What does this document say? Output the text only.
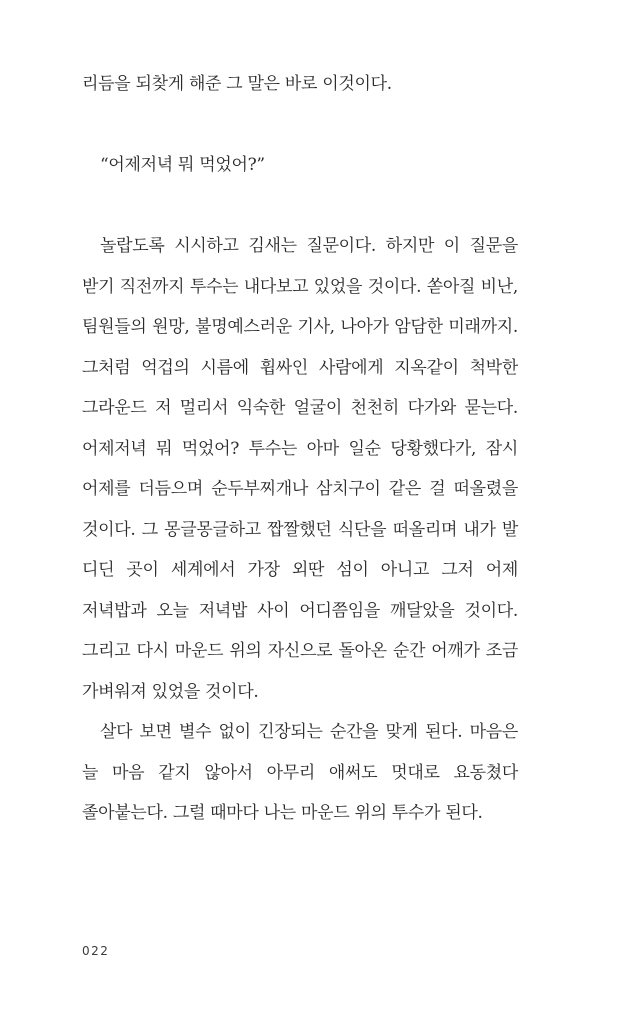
리듬을 되찾게 해준 그 말은 바로 이것이다.

“어제저녁 뭐 먹었어?”

놀랍도록 시시하고 김새는 질문이다. 하지만 이 질문을 받기 직전까지 투수는 내다보고 있었을 것이다. 쏟아질 비난, 팀원들의 원망, 불명예스러운 기사, 나아가 암담한 미래까지. 그처럼 억겁의 시름에 휩싸인 사람에게 지옥같이 척박한 그라운드 저 멀리서 익숙한 얼굴이 천천히 다가와 묻는다. 어제저녁 뭐 먹었어? 투수는 아마 일순 당황했다가, 잠시 어제를 더듬으며 순두부찌개나 삼치구이 같은 걸 떠올렸을 것이다. 그 몽글몽글하고 짭짤했던 식단을 떠올리며 내가 발 디딘 곳이 세계에서 가장 외딴 섬이 아니고 그저 어제 저녁밥과 오늘 저녁밥 사이 어디쯤임을 깨달았을 것이다. 그리고 다시 마운드 위의 자신으로 돌아온 순간 어깨가 조금 가벼워져 있었을 것이다.

살다 보면 별수 없이 긴장되는 순간을 맞게 된다. 마음은 늘 마음 같지 않아서 아무리 애써도 멋대로 요동쳤다 졸아붙는다. 그럴 때마다 나는 마운드 위의 투수가 된다.

022
